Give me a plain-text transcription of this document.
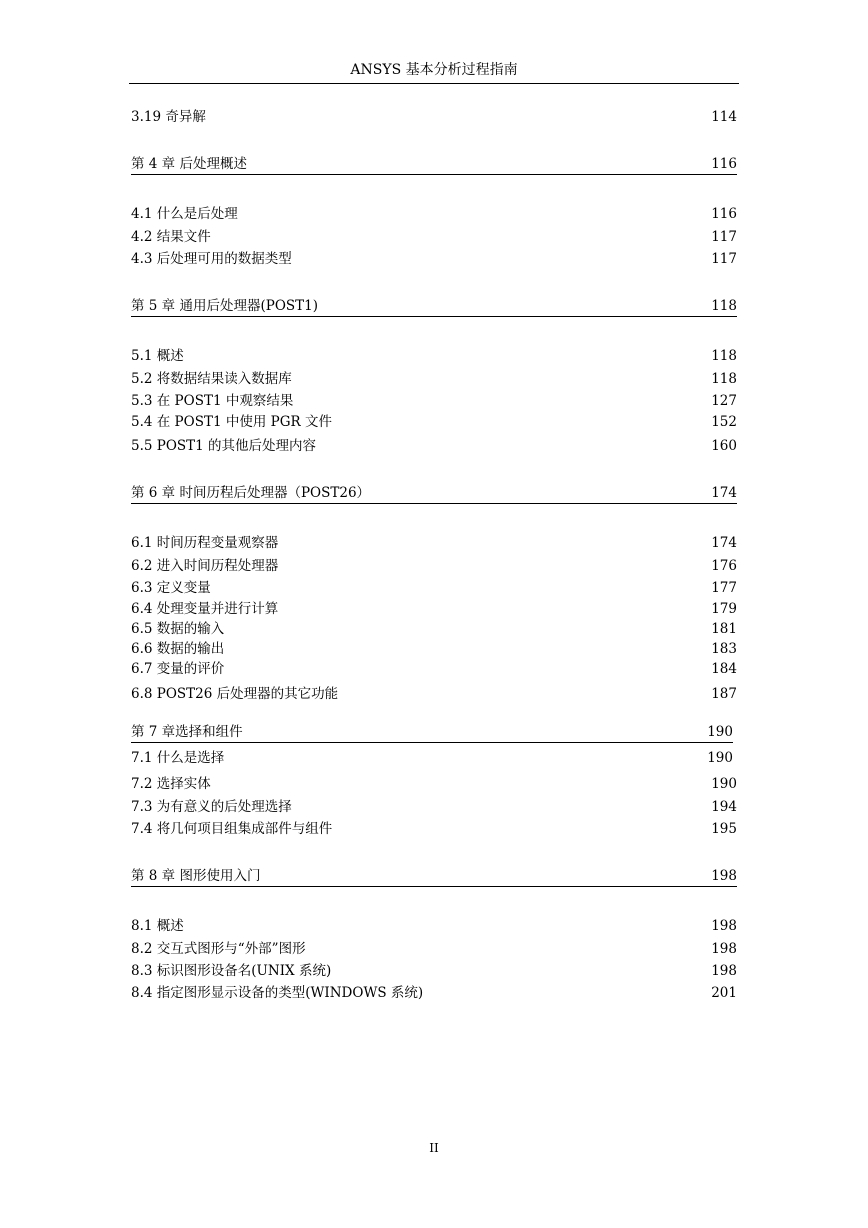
ANSYS 基本分析过程指南
3.19 奇异解	114
第 4 章 后处理概述	116
4.1 什么是后处理	116
4.2 结果文件	117
4.3 后处理可用的数据类型	117
第 5 章 通用后处理器(POST1)	118
5.1 概述	118
5.2 将数据结果读入数据库	118
5.3 在 POST1 中观察结果	127
5.4 在 POST1 中使用 PGR 文件	152
5.5 POST1 的其他后处理内容	160
第 6 章 时间历程后处理器（POST26）	174
6.1 时间历程变量观察器	174
6.2 进入时间历程处理器	176
6.3 定义变量	177
6.4 处理变量并进行计算	179
6.5 数据的输入	181
6.6 数据的输出	183
6.7 变量的评价	184
6.8 POST26 后处理器的其它功能	187
第 7 章选择和组件	190
7.1 什么是选择	190
7.2 选择实体	190
7.3 为有意义的后处理选择	194
7.4 将几何项目组集成部件与组件	195
第 8 章 图形使用入门	198
8.1 概述	198
8.2 交互式图形与“外部”图形	198
8.3 标识图形设备名(UNIX 系统)	198
8.4 指定图形显示设备的类型(WINDOWS 系统)	201
II
